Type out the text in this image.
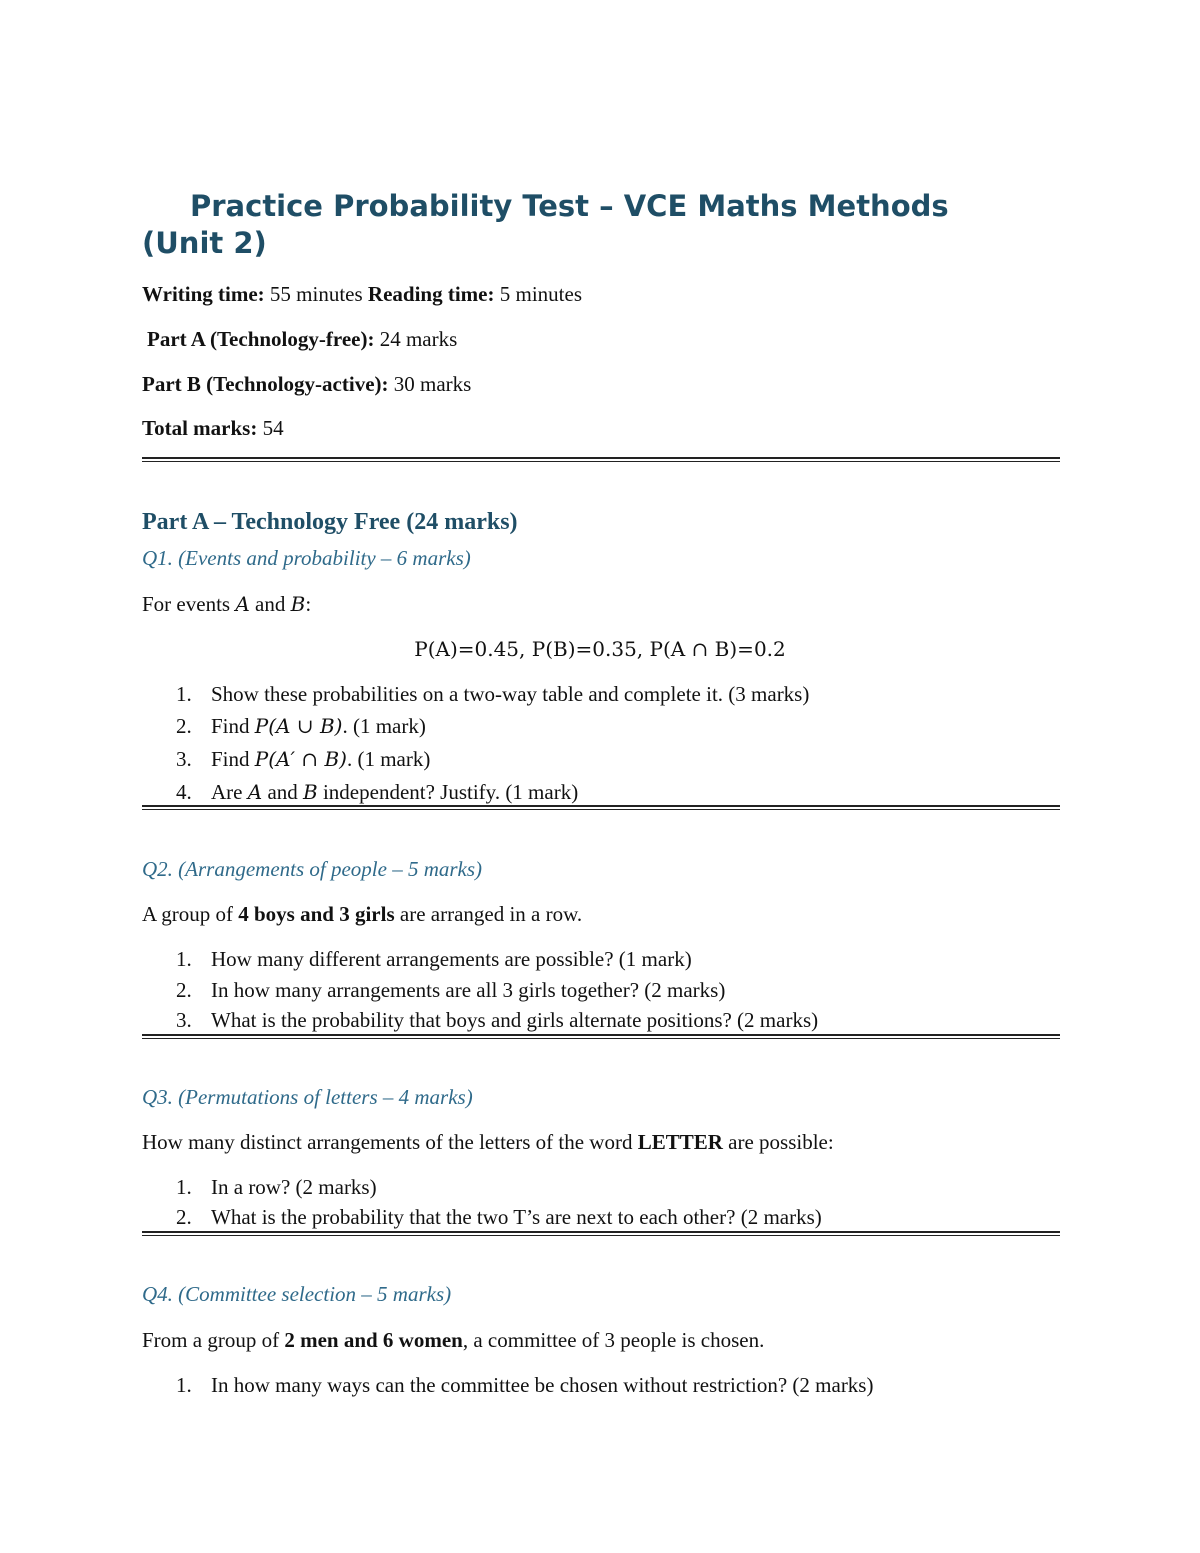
Practice Probability Test – VCE Maths Methods
(Unit 2)
Writing time: 55 minutes Reading time: 5 minutes
Part A (Technology-free): 24 marks
Part B (Technology-active): 30 marks
Total marks: 54
Part A – Technology Free (24 marks)
Q1. (Events and probability – 6 marks)
For events A and B:
P(A)=0.45, P(B)=0.35, P(A ∩ B)=0.2
1. Show these probabilities on a two-way table and complete it. (3 marks)
2. Find P(A ∪ B). (1 mark)
3. Find P(A′ ∩ B). (1 mark)
4. Are A and B independent? Justify. (1 mark)
Q2. (Arrangements of people – 5 marks)
A group of 4 boys and 3 girls are arranged in a row.
1. How many different arrangements are possible? (1 mark)
2. In how many arrangements are all 3 girls together? (2 marks)
3. What is the probability that boys and girls alternate positions? (2 marks)
Q3. (Permutations of letters – 4 marks)
How many distinct arrangements of the letters of the word LETTER are possible:
1. In a row? (2 marks)
2. What is the probability that the two T’s are next to each other? (2 marks)
Q4. (Committee selection – 5 marks)
From a group of 2 men and 6 women, a committee of 3 people is chosen.
1. In how many ways can the committee be chosen without restriction? (2 marks)
